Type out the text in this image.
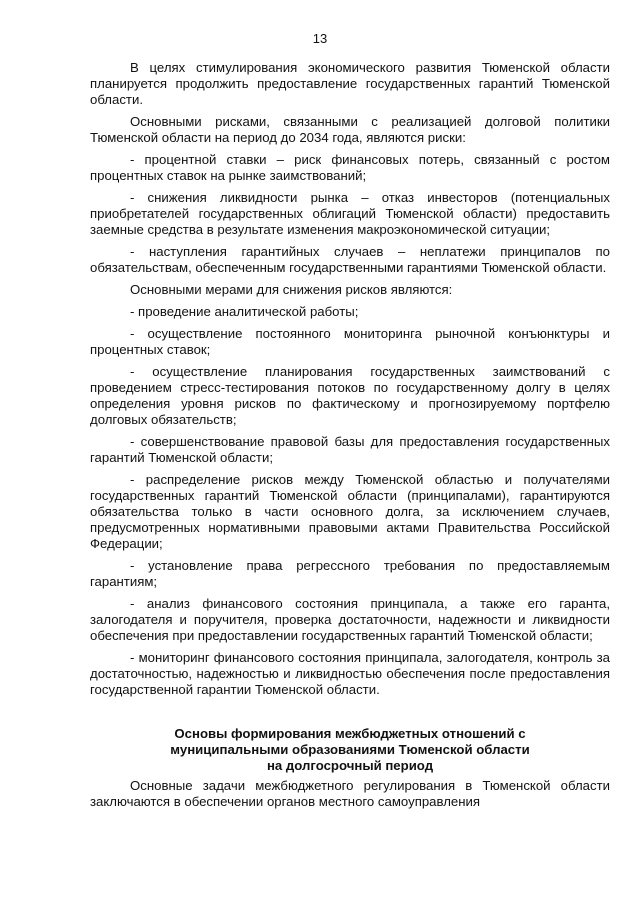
13

В целях стимулирования экономического развития Тюменской области планируется продолжить предоставление государственных гарантий Тюменской области.

Основными рисками, связанными с реализацией долговой политики Тюменской области на период до 2034 года, являются риски:

- процентной ставки – риск финансовых потерь, связанный с ростом процентных ставок на рынке заимствований;

- снижения ликвидности рынка – отказ инвесторов (потенциальных приобретателей государственных облигаций Тюменской области) предоставить заемные средства в результате изменения макроэкономической ситуации;

- наступления гарантийных случаев – неплатежи принципалов по обязательствам, обеспеченным государственными гарантиями Тюменской области.

Основными мерами для снижения рисков являются:

- проведение аналитической работы;

- осуществление постоянного мониторинга рыночной конъюнктуры и процентных ставок;

- осуществление планирования государственных заимствований с проведением стресс-тестирования потоков по государственному долгу в целях определения уровня рисков по фактическому и прогнозируемому портфелю долговых обязательств;

- совершенствование правовой базы для предоставления государственных гарантий Тюменской области;

- распределение рисков между Тюменской областью и получателями государственных гарантий Тюменской области (принципалами), гарантируются обязательства только в части основного долга, за исключением случаев, предусмотренных нормативными правовыми актами Правительства Российской Федерации;

- установление права регрессного требования по предоставляемым гарантиям;

- анализ финансового состояния принципала, а также его гаранта, залогодателя и поручителя, проверка достаточности, надежности и ликвидности обеспечения при предоставлении государственных гарантий Тюменской области;

- мониторинг финансового состояния принципала, залогодателя, контроль за достаточностью, надежностью и ликвидностью обеспечения после предоставления государственной гарантии Тюменской области.

Основы формирования межбюджетных отношений с
муниципальными образованиями Тюменской области
на долгосрочный период

Основные задачи межбюджетного регулирования в Тюменской области заключаются в обеспечении органов местного самоуправления
